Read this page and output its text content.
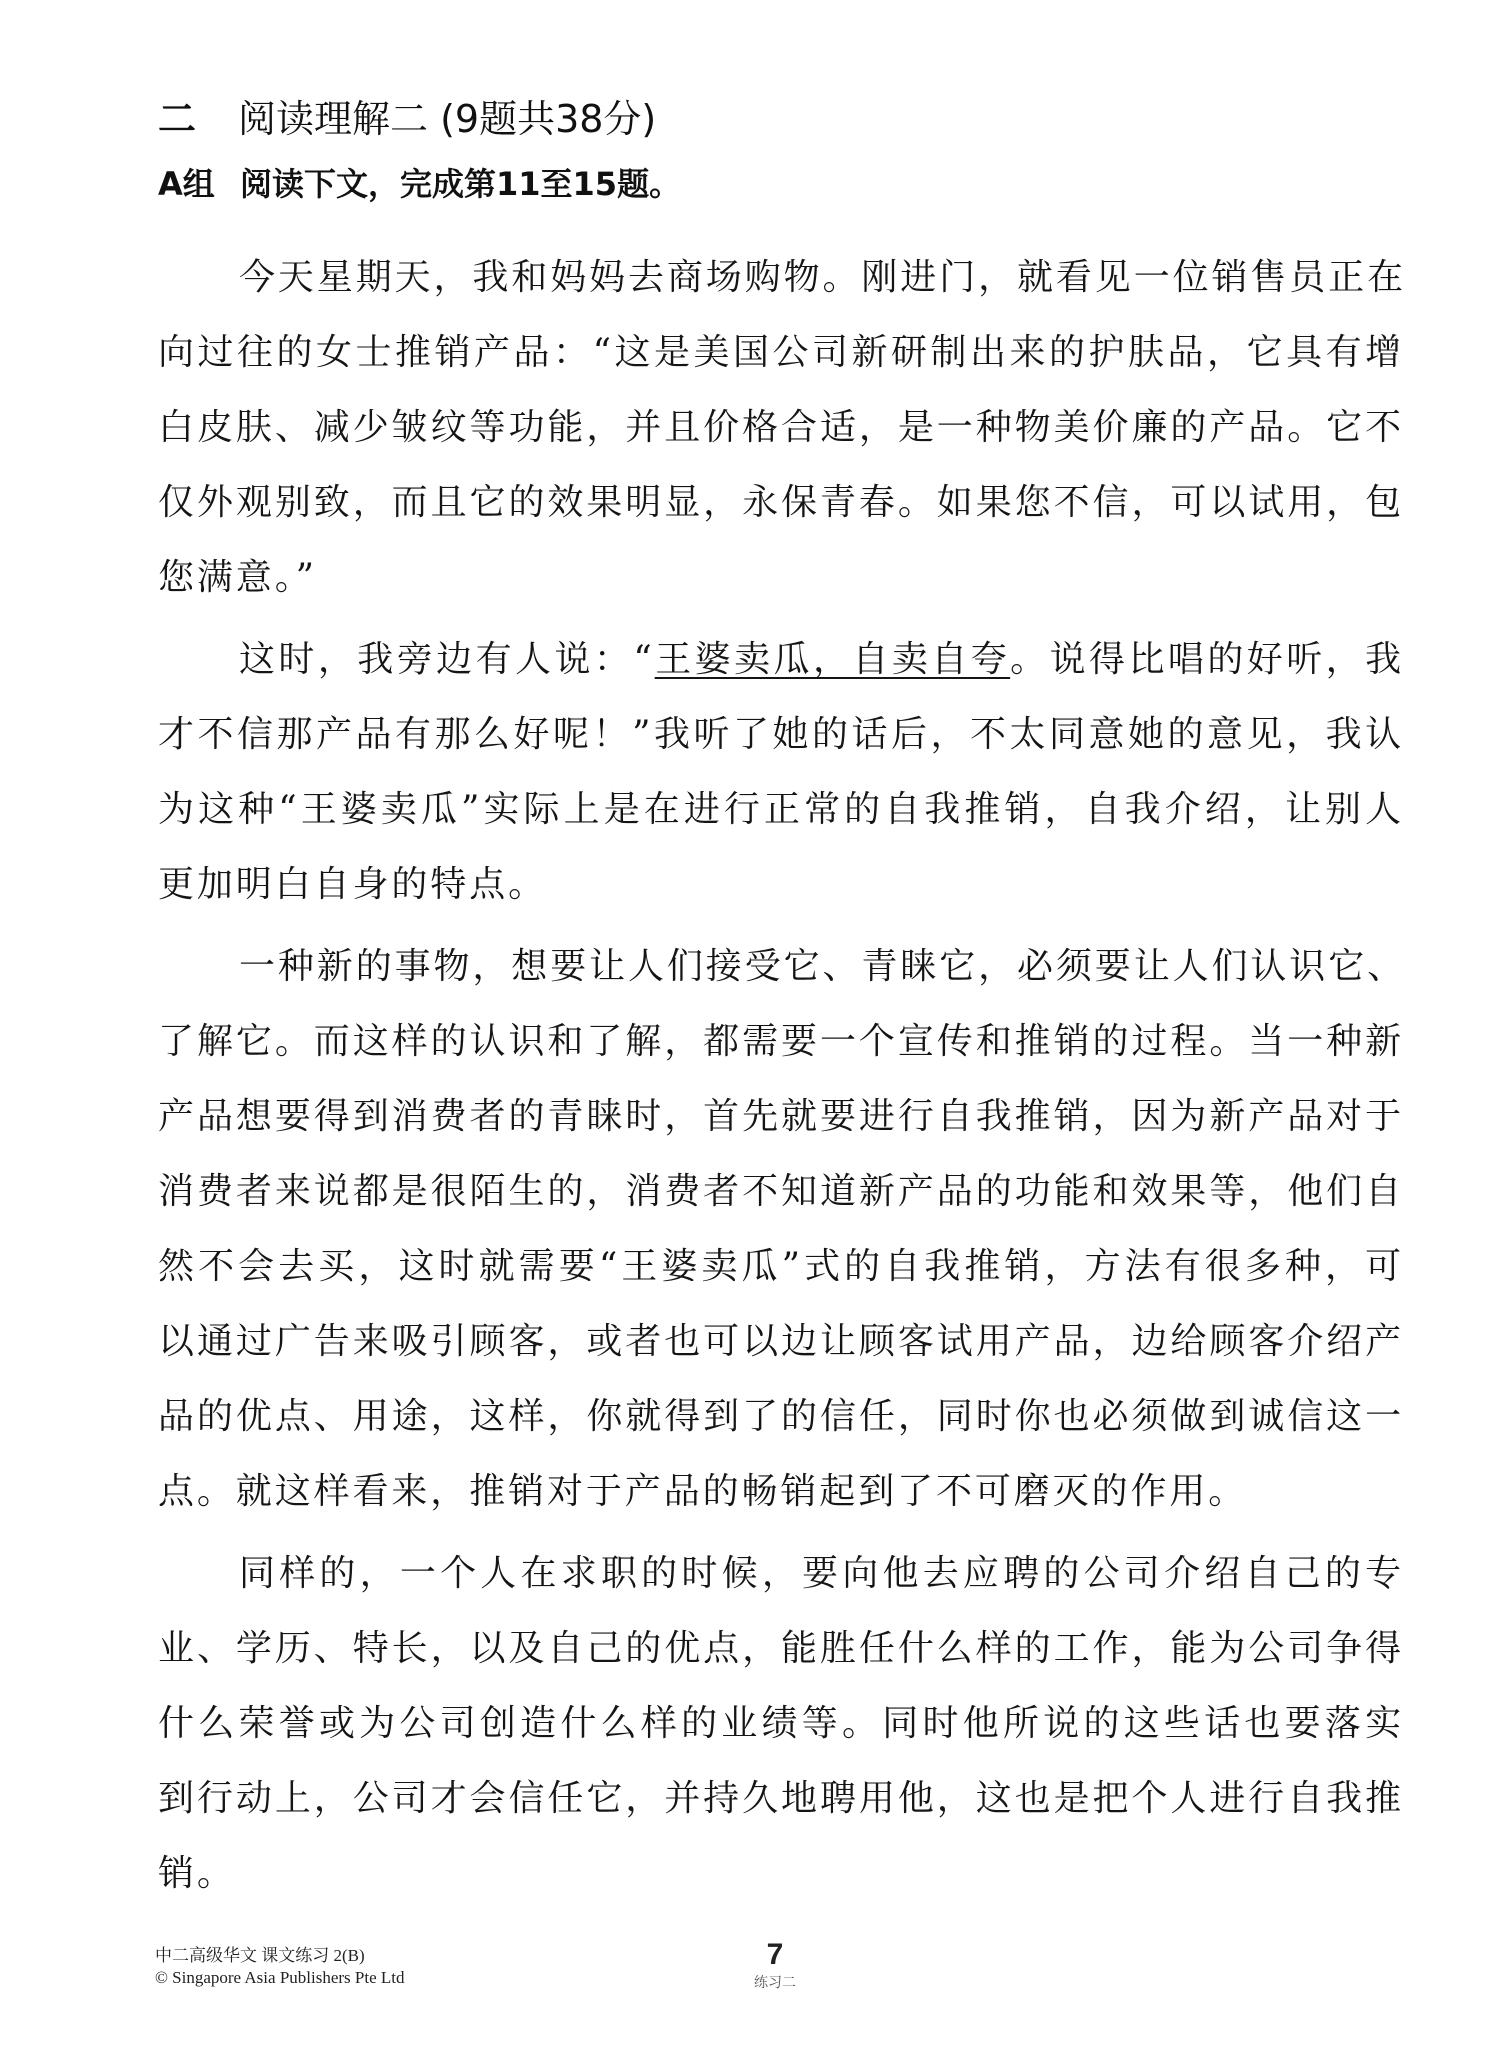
二 阅读理解二 (9题共38分)
A组 阅读下文，完成第11至15题。
今天星期天，我和妈妈去商场购物。刚进门，就看见一位销售员正在
向过往的女士推销产品：“这是美国公司新研制出来的护肤品，它具有增
白皮肤、减少皱纹等功能，并且价格合适，是一种物美价廉的产品。它不
仅外观别致，而且它的效果明显，永保青春。如果您不信，可以试用，包
您满意。”
这时，我旁边有人说：“王婆卖瓜，自卖自夸。说得比唱的好听，我
才不信那产品有那么好呢！”我听了她的话后，不太同意她的意见，我认
为这种“王婆卖瓜”实际上是在进行正常的自我推销，自我介绍，让别人
更加明白自身的特点。
一种新的事物，想要让人们接受它、青睐它，必须要让人们认识它、
了解它。而这样的认识和了解，都需要一个宣传和推销的过程。当一种新
产品想要得到消费者的青睐时，首先就要进行自我推销，因为新产品对于
消费者来说都是很陌生的，消费者不知道新产品的功能和效果等，他们自
然不会去买，这时就需要“王婆卖瓜”式的自我推销，方法有很多种，可
以通过广告来吸引顾客，或者也可以边让顾客试用产品，边给顾客介绍产
品的优点、用途，这样，你就得到了的信任，同时你也必须做到诚信这一
点。就这样看来，推销对于产品的畅销起到了不可磨灭的作用。
同样的，一个人在求职的时候，要向他去应聘的公司介绍自己的专
业、学历、特长，以及自己的优点，能胜任什么样的工作，能为公司争得
什么荣誉或为公司创造什么样的业绩等。同时他所说的这些话也要落实
到行动上，公司才会信任它，并持久地聘用他，这也是把个人进行自我推
销。
中二高级华文 课文练习 2(B)
© Singapore Asia Publishers Pte Ltd
7
练习二
